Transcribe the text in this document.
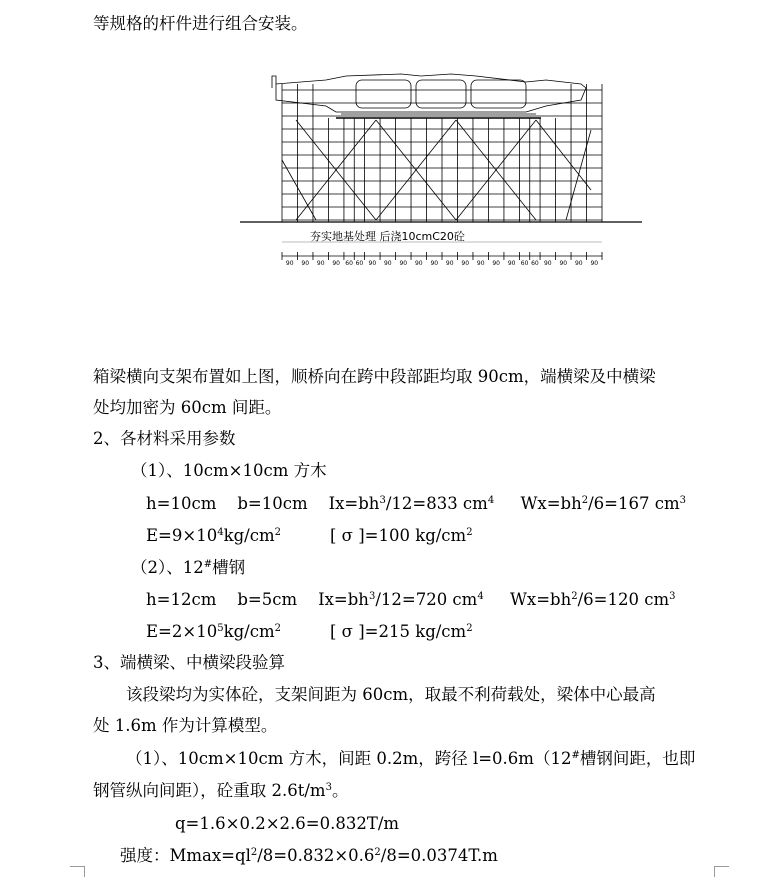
等规格的杆件进行组合安装。
夯实地基处理 后浇10cmC20砼
90 90 90 90 60 60 90 90 90 90 90 90 90 90 90 90 60 60 90 90 90 90
箱梁横向支架布置如上图，顺桥向在跨中段部距均取 90cm，端横梁及中横梁
处均加密为 60cm 间距。
2、各材料采用参数
（1）、10cm×10cm 方木
h=10cm b=10cm $Ix=bh^3/12=833$ $cm^4$ $Wx=bh^2/6=167$ $cm^3$
$E=9\times 10^4kg/cm^2$	[ σ ]=100 $kg/cm^2$
（2）、12#槽钢
h=12cm b=5cm $Ix=bh^3/12=720$ $cm^4$ $Wx=bh^2/6=120$ $cm^3$
$E=2\times 10^5kg/cm^2$	[ σ ]=215 $kg/cm^2$
3、端横梁、中横梁段验算
该段梁均为实体砼，支架间距为 60cm，取最不利荷载处，梁体中心最高
处 1.6m 作为计算模型。
（1）、10cm×10cm 方木，间距 0.2m，跨径 l=0.6m（12#槽钢间距，也即
钢管纵向间距），砼重取 $2.6t/m^3$。
q=1.6×0.2×2.6=0.832T/m
强度：$Mmax=ql^2/8=0.832\times 0.6^2/8=0.0374T.m$
